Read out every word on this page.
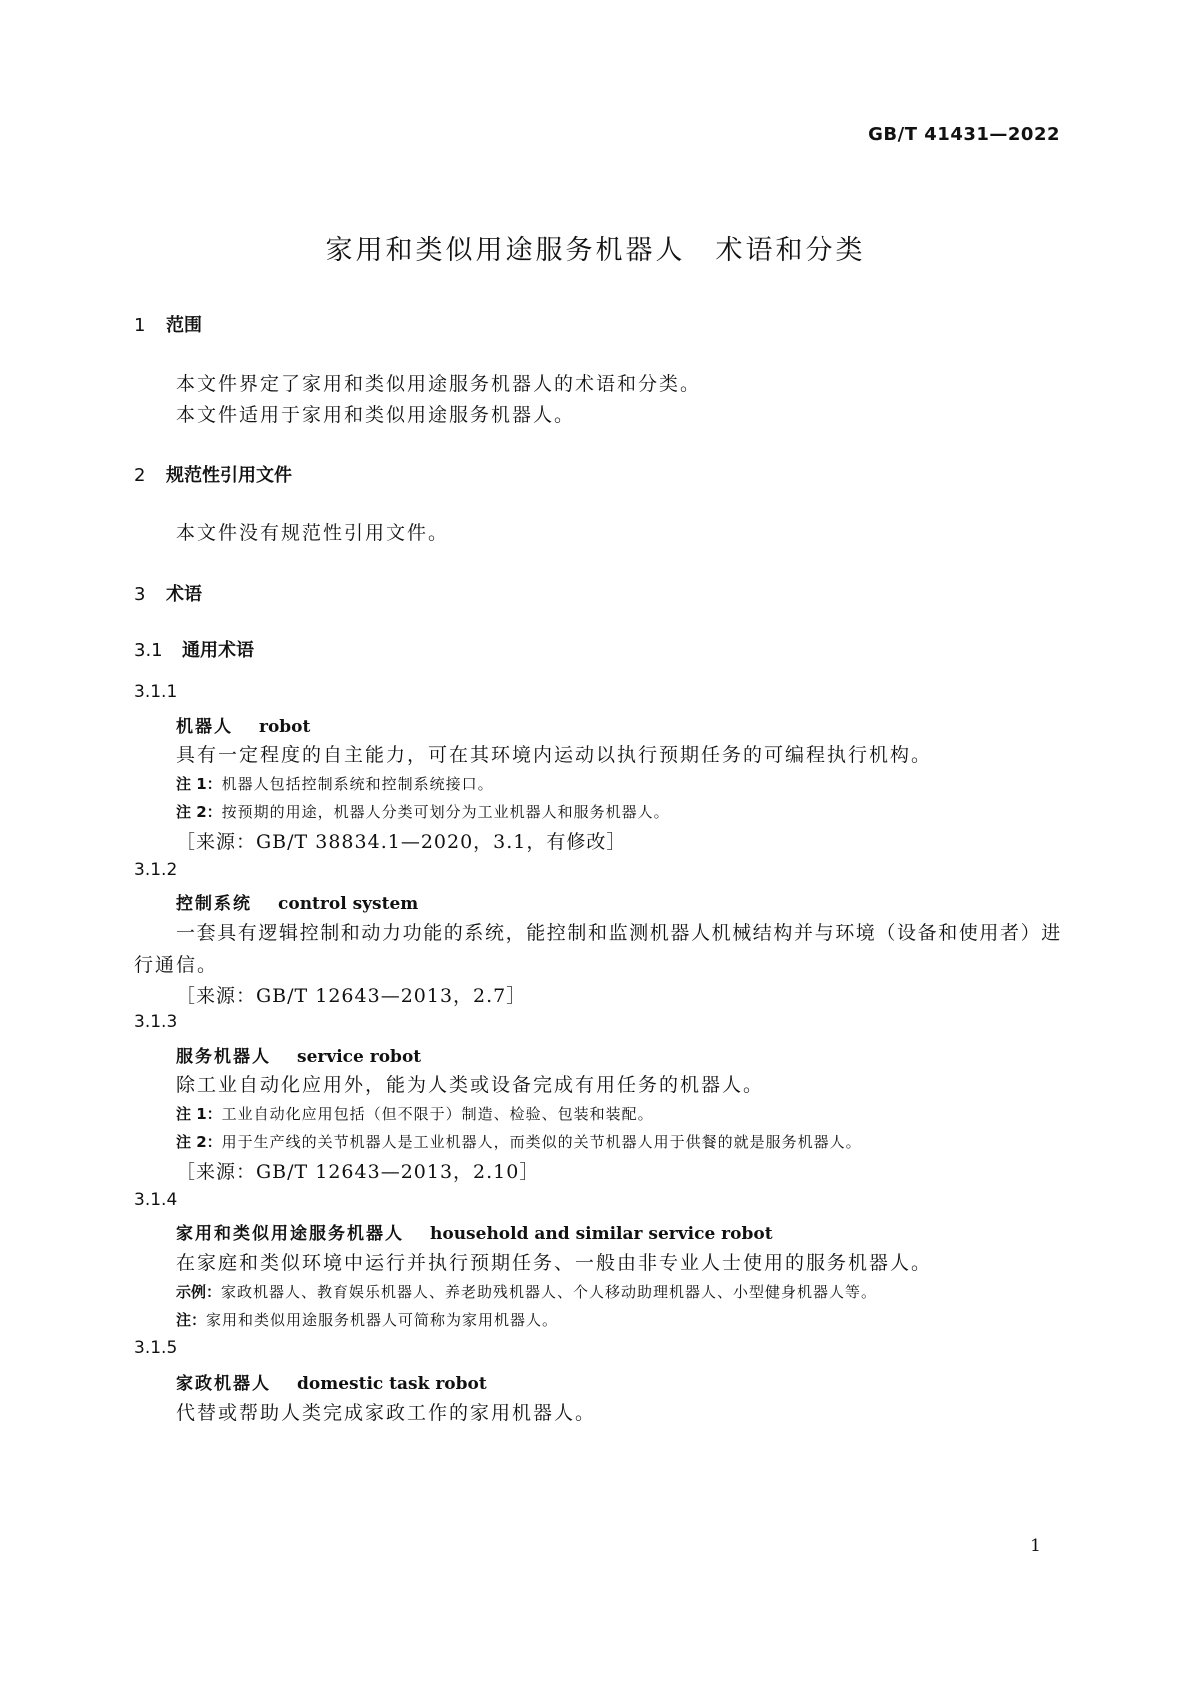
GB/T 41431—2022
家用和类似用途服务机器人 术语和分类
1 范围
本文件界定了家用和类似用途服务机器人的术语和分类。
本文件适用于家用和类似用途服务机器人。
2 规范性引用文件
本文件没有规范性引用文件。
3 术语
3.1 通用术语
3.1.1
机器人 robot
具有一定程度的自主能力，可在其环境内运动以执行预期任务的可编程执行机构。
注 1：机器人包括控制系统和控制系统接口。
注 2：按预期的用途，机器人分类可划分为工业机器人和服务机器人。
［来源：GB/T 38834.1—2020，3.1，有修改］
3.1.2
控制系统 control system
一套具有逻辑控制和动力功能的系统，能控制和监测机器人机械结构并与环境（设备和使用者）进
行通信。
［来源：GB/T 12643—2013，2.7］
3.1.3
服务机器人 service robot
除工业自动化应用外，能为人类或设备完成有用任务的机器人。
注 1：工业自动化应用包括（但不限于）制造、检验、包装和装配。
注 2：用于生产线的关节机器人是工业机器人，而类似的关节机器人用于供餐的就是服务机器人。
［来源：GB/T 12643—2013，2.10］
3.1.4
家用和类似用途服务机器人 household and similar service robot
在家庭和类似环境中运行并执行预期任务、一般由非专业人士使用的服务机器人。
示例：家政机器人、教育娱乐机器人、养老助残机器人、个人移动助理机器人、小型健身机器人等。
注：家用和类似用途服务机器人可简称为家用机器人。
3.1.5
家政机器人 domestic task robot
代替或帮助人类完成家政工作的家用机器人。
1
